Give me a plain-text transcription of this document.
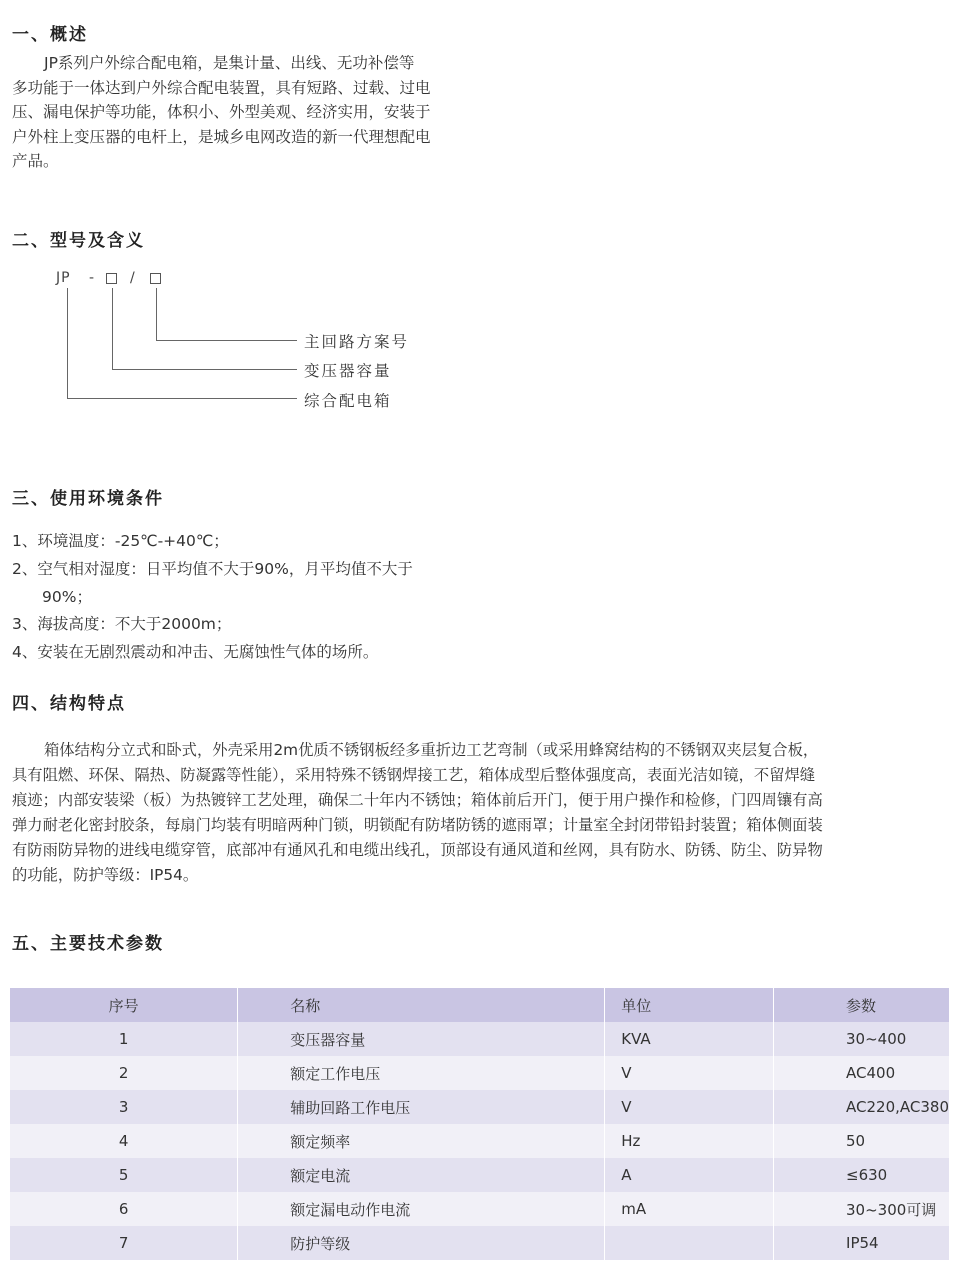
一、概述

JP系列户外综合配电箱，是集计量、出线、无功补偿等
多功能于一体达到户外综合配电装置，具有短路、过载、过电
压、漏电保护等功能，体积小、外型美观、经济实用，安装于
户外柱上变压器的电杆上，是城乡电网改造的新一代理想配电
产品。

二、型号及含义
JP - /
主回路方案号
变压器容量
综合配电箱
三、使用环境条件
1、环境温度：-25℃-+40℃；
2、空气相对湿度：日平均值不大于90%，月平均值不大于
90%；
3、海拔高度：不大于2000m；
4、安装在无剧烈震动和冲击、无腐蚀性气体的场所。
四、结构特点

箱体结构分立式和卧式，外壳采用2m优质不锈钢板经多重折边工艺弯制（或采用蜂窝结构的不锈钢双夹层复合板，
具有阻燃、环保、隔热、防凝露等性能），采用特殊不锈钢焊接工艺，箱体成型后整体强度高，表面光洁如镜，不留焊缝
痕迹；内部安装梁（板）为热镀锌工艺处理，确保二十年内不锈蚀；箱体前后开门，便于用户操作和检修，门四周镶有高
弹力耐老化密封胶条，每扇门均装有明暗两种门锁，明锁配有防堵防锈的遮雨罩；计量室全封闭带铅封装置；箱体侧面装
有防雨防异物的进线电缆穿管，底部冲有通风孔和电缆出线孔，顶部设有通风道和丝网，具有防水、防锈、防尘、防异物
的功能，防护等级：IP54。

五、主要技术参数
序号	名称	单位	参数
1	变压器容量	KVA	30~400
2	额定工作电压	V	AC400
3	辅助回路工作电压	V	AC220,AC380
4	额定频率	Hz	50
5	额定电流	A	≤630
6	额定漏电动作电流	mA	30~300可调
7	防护等级		IP54
